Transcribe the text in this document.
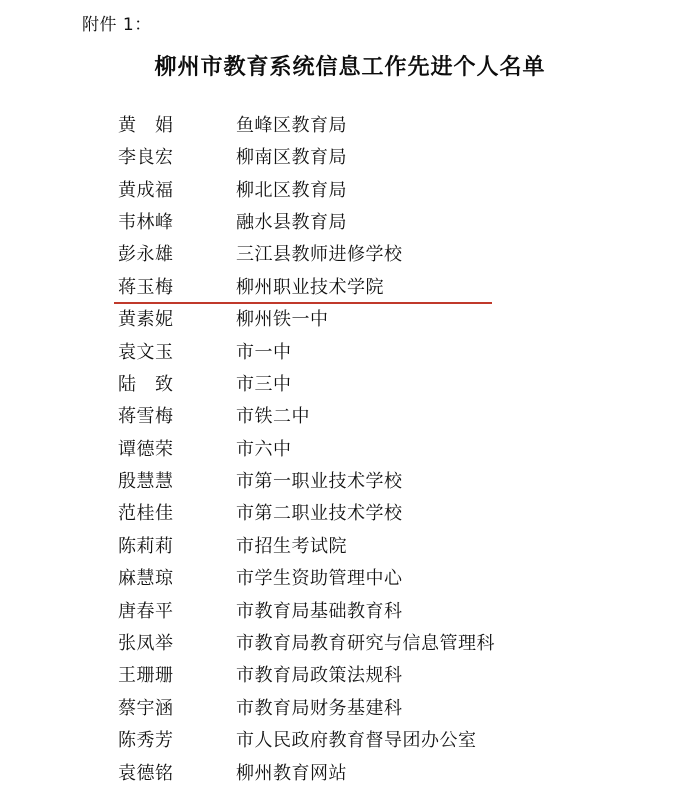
附件 1：
柳州市教育系统信息工作先进个人名单
黄　娟	鱼峰区教育局
李良宏	柳南区教育局
黄成福	柳北区教育局
韦林峰	融水县教育局
彭永雄	三江县教师进修学校
蒋玉梅	柳州职业技术学院
黄素妮	柳州铁一中
袁文玉	市一中
陆　致	市三中
蒋雪梅	市铁二中
谭德荣	市六中
殷慧慧	市第一职业技术学校
范桂佳	市第二职业技术学校
陈莉莉	市招生考试院
麻慧琼	市学生资助管理中心
唐春平	市教育局基础教育科
张凤举	市教育局教育研究与信息管理科
王珊珊	市教育局政策法规科
蔡宇涵	市教育局财务基建科
陈秀芳	市人民政府教育督导团办公室
袁德铭	柳州教育网站
